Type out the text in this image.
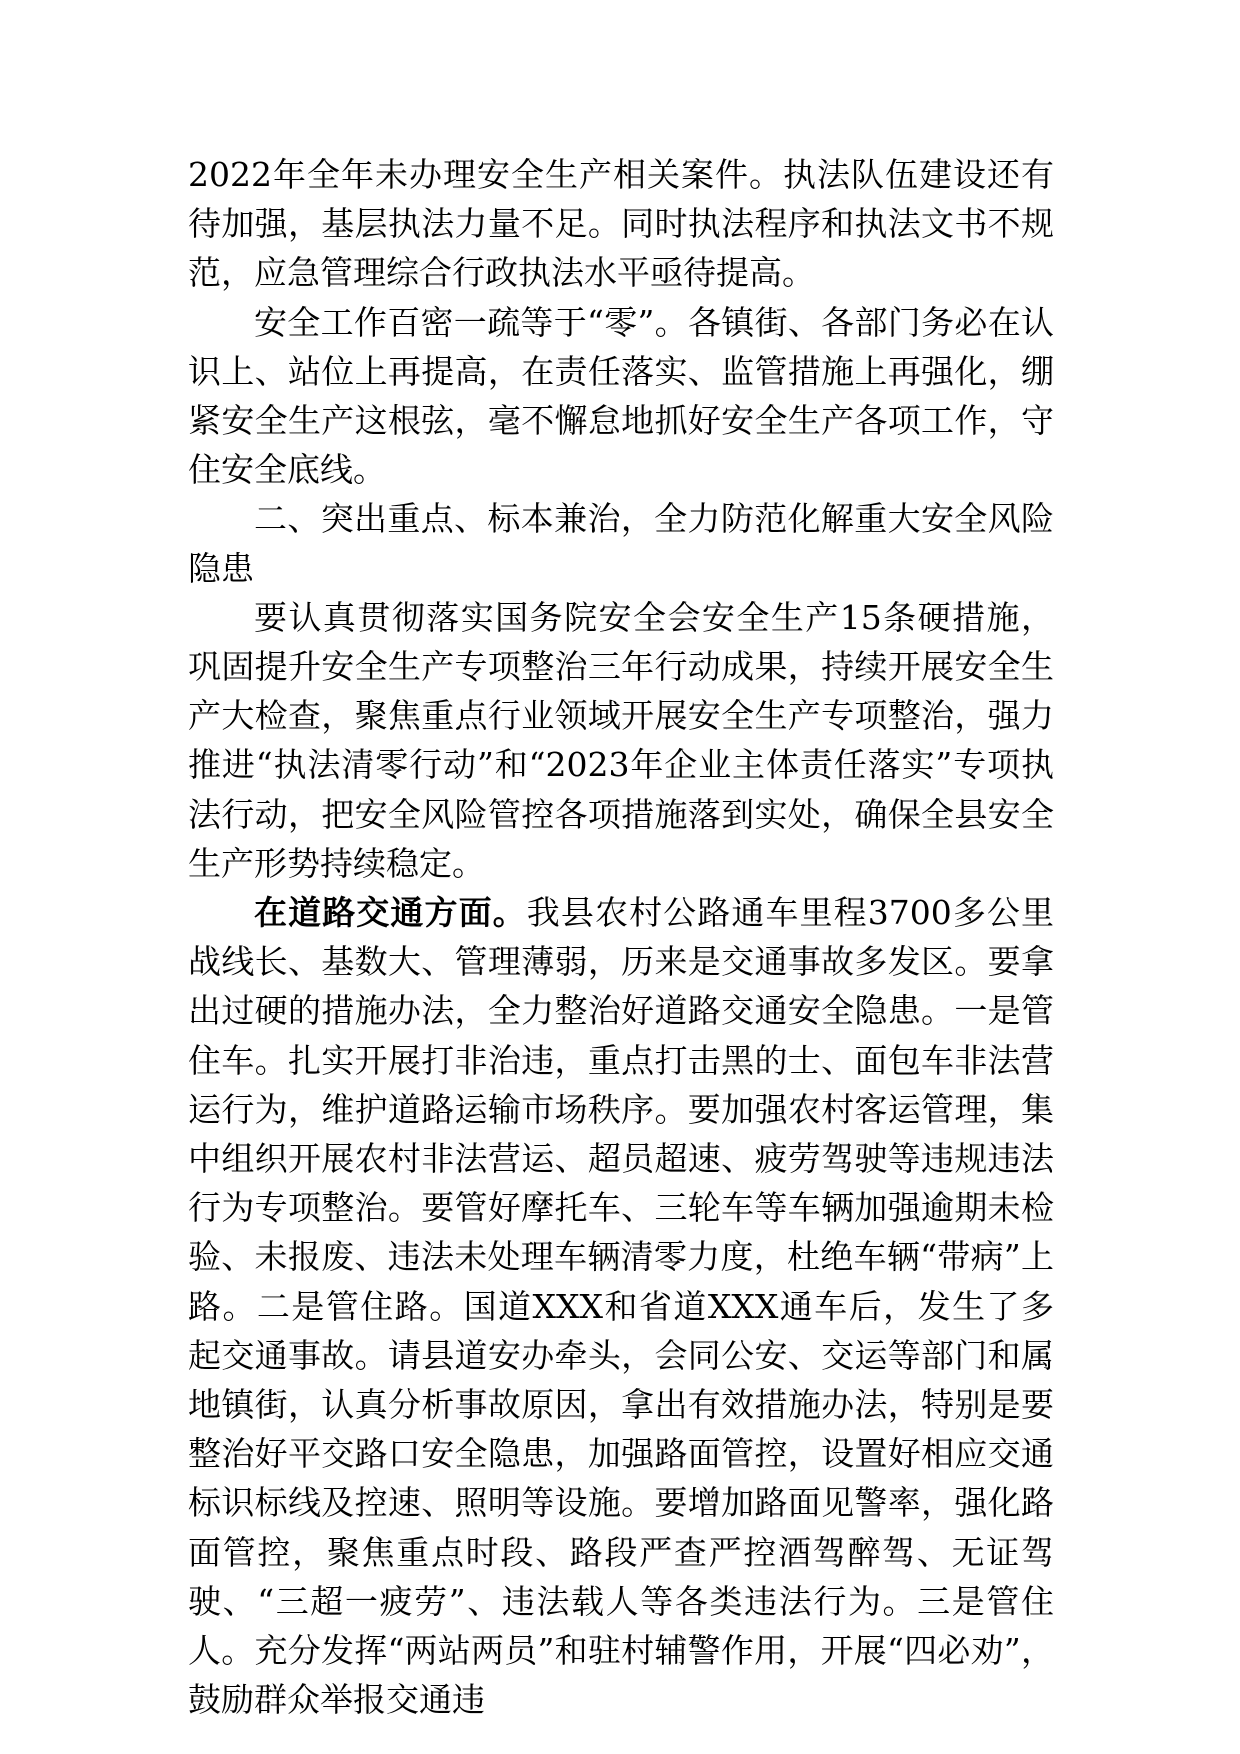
2022年全年未办理安全生产相关案件。执法队伍建设还有待加强，基层执法力量不足。同时执法程序和执法文书不规范，应急管理综合行政执法水平亟待提高。

安全工作百密一疏等于“零”。各镇街、各部门务必在认识上、站位上再提高，在责任落实、监管措施上再强化，绷紧安全生产这根弦，毫不懈怠地抓好安全生产各项工作，守住安全底线。

二、突出重点、标本兼治，全力防范化解重大安全风险隐患

要认真贯彻落实国务院安全会安全生产15条硬措施，巩固提升安全生产专项整治三年行动成果，持续开展安全生产大检查，聚焦重点行业领域开展安全生产专项整治，强力推进“执法清零行动”和“2023年企业主体责任落实”专项执法行动，把安全风险管控各项措施落到实处，确保全县安全生产形势持续稳定。

在道路交通方面。我县农村公路通车里程3700多公里战线长、基数大、管理薄弱，历来是交通事故多发区。要拿出过硬的措施办法，全力整治好道路交通安全隐患。一是管住车。扎实开展打非治违，重点打击黑的士、面包车非法营运行为，维护道路运输市场秩序。要加强农村客运管理，集中组织开展农村非法营运、超员超速、疲劳驾驶等违规违法行为专项整治。要管好摩托车、三轮车等车辆加强逾期未检验、未报废、违法未处理车辆清零力度，杜绝车辆“带病”上路。二是管住路。国道XXX和省道XXX通车后，发生了多起交通事故。请县道安办牵头，会同公安、交运等部门和属地镇街，认真分析事故原因，拿出有效措施办法，特别是要整治好平交路口安全隐患，加强路面管控，设置好相应交通标识标线及控速、照明等设施。要增加路面见警率，强化路面管控，聚焦重点时段、路段严查严控酒驾醉驾、无证驾驶、“三超一疲劳”、违法载人等各类违法行为。三是管住人。充分发挥“两站两员”和驻村辅警作用，开展“四必劝”，鼓励群众举报交通违
